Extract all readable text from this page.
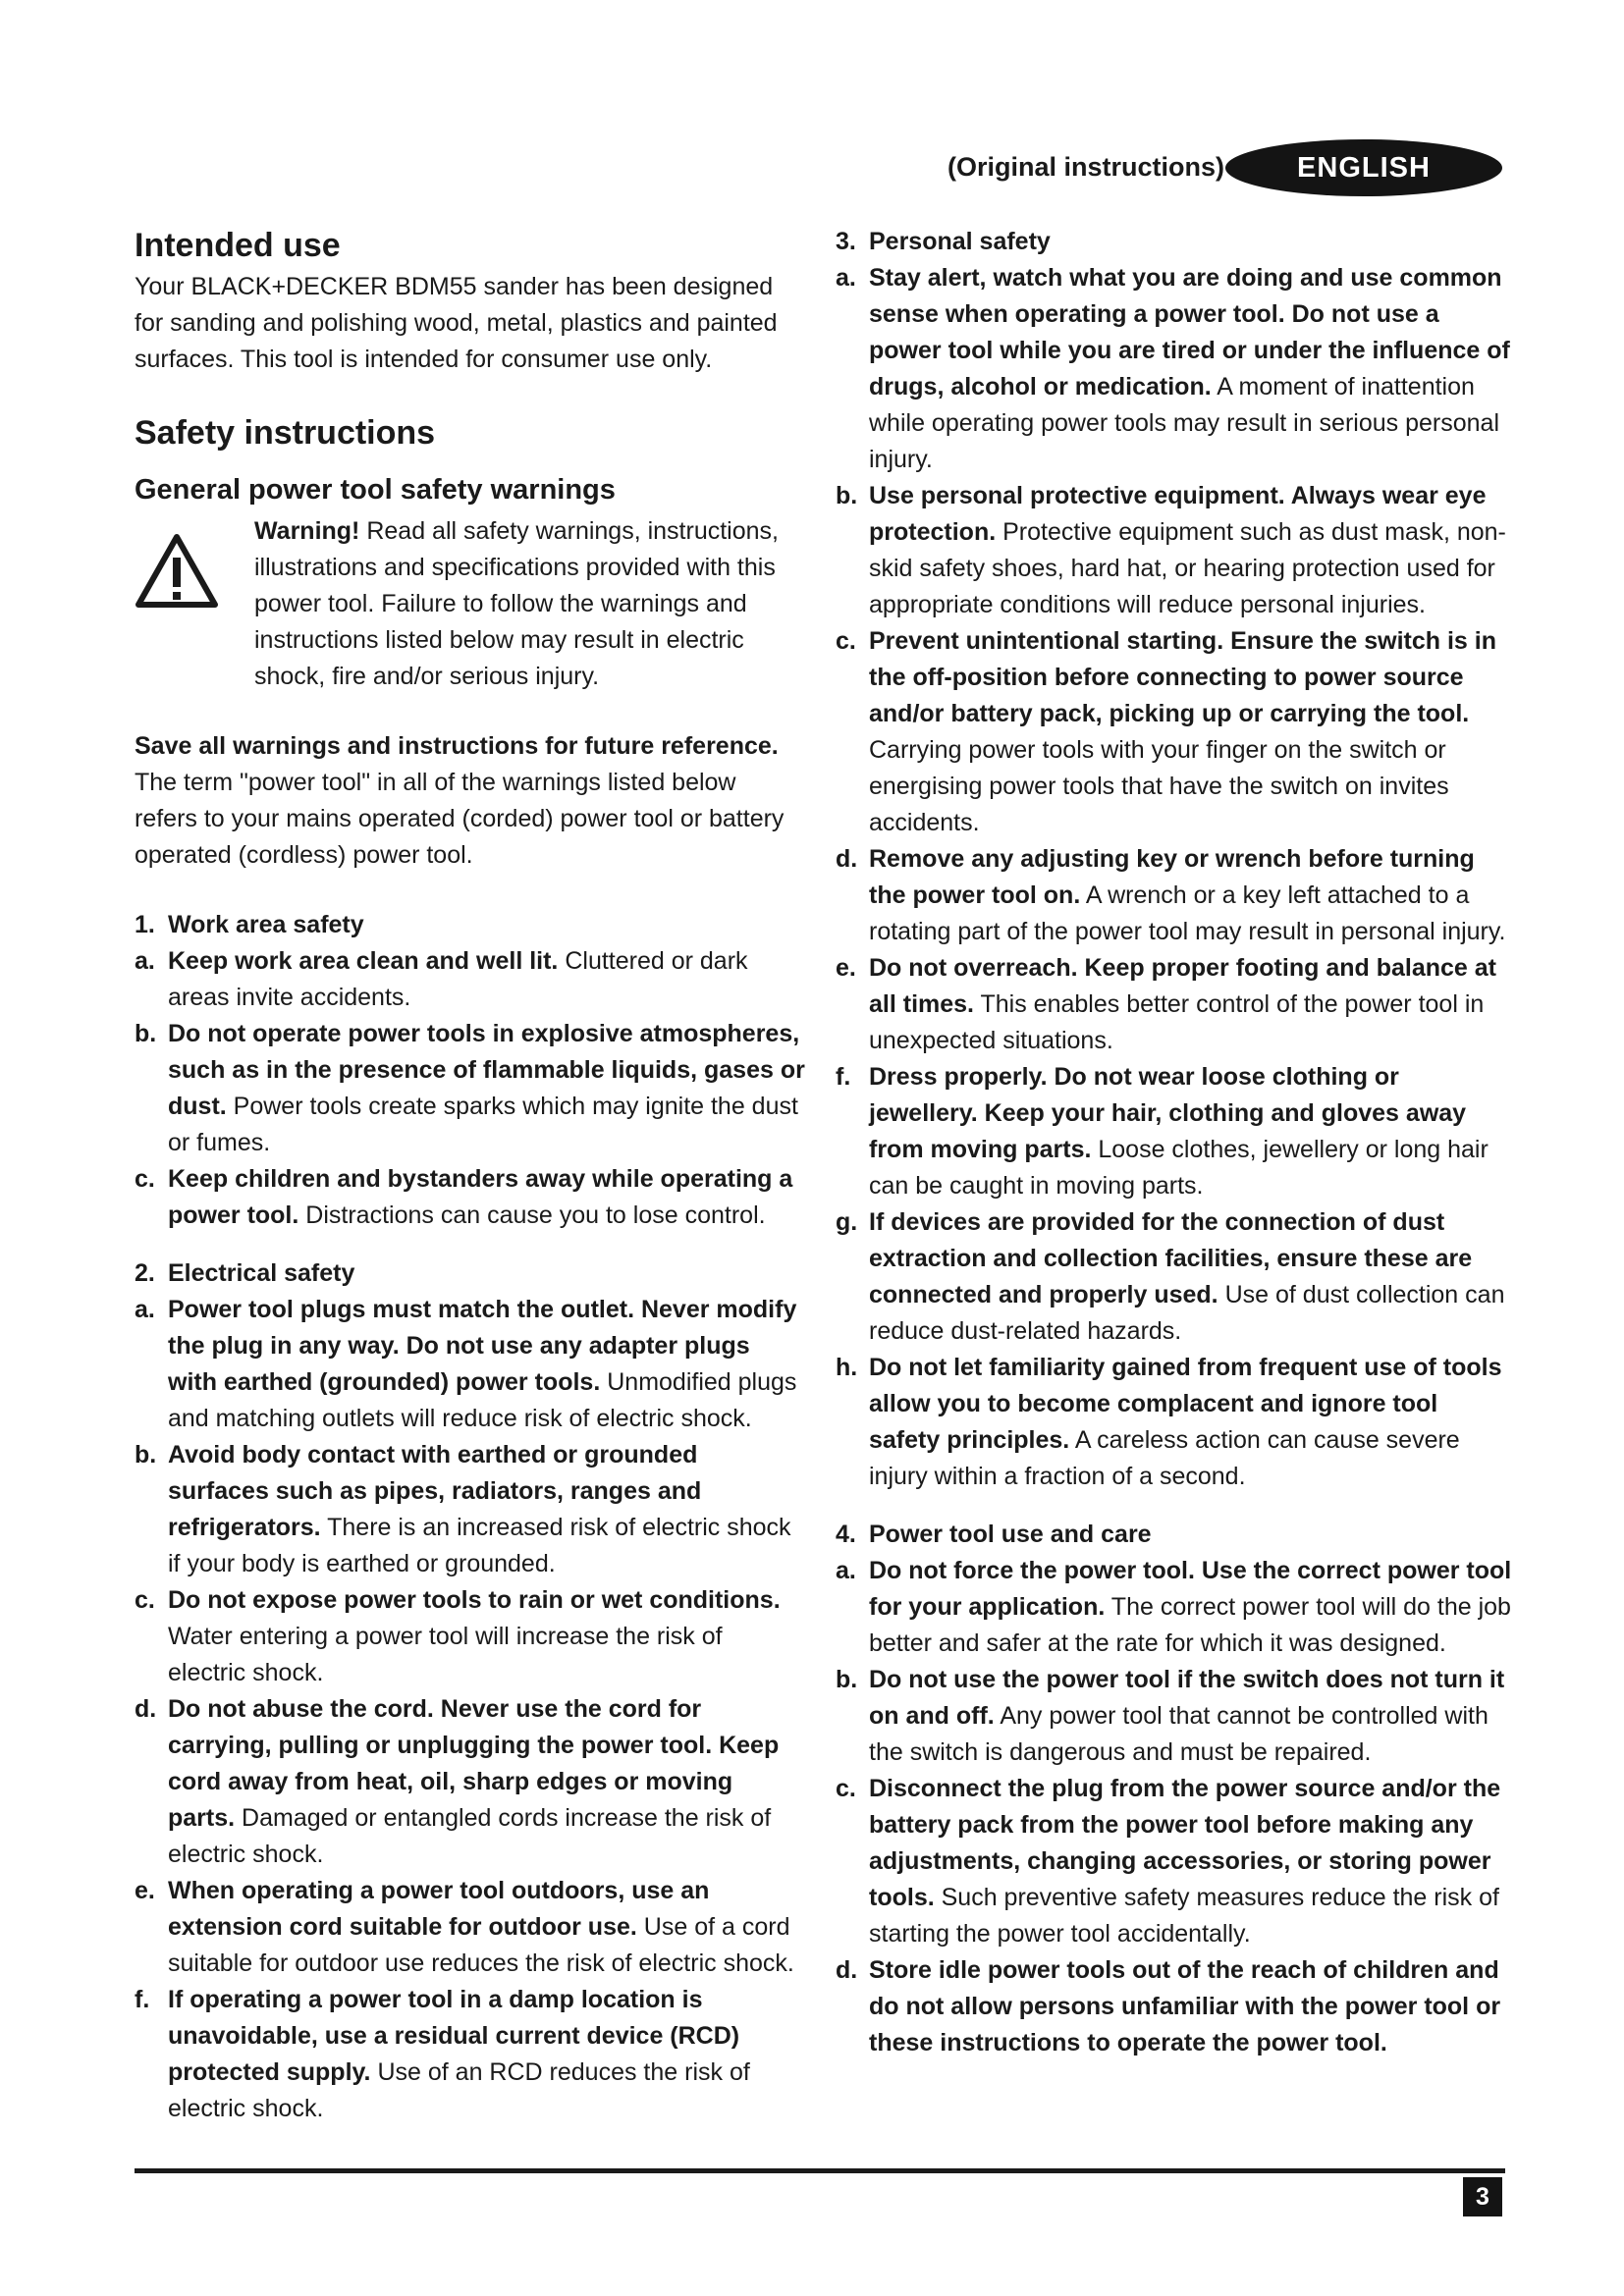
(Original instructions)	ENGLISH
Intended use

Your BLACK+DECKER BDM55 sander has been designed for sanding and polishing wood, metal, plastics and painted surfaces. This tool is intended for consumer use only.

Safety instructions
General power tool safety warnings
Warning! Read all safety warnings, instructions, illustrations and specifications provided with this power tool. Failure to follow the warnings and instructions listed below may result in electric shock, fire and/or serious injury.

Save all warnings and instructions for future reference.

The term "power tool" in all of the warnings listed below refers to your mains operated (corded) power tool or battery operated (cordless) power tool.

1. Work area safety
a. Keep work area clean and well lit. Cluttered or dark areas invite accidents.
b. Do not operate power tools in explosive atmospheres, such as in the presence of flammable liquids, gases or dust. Power tools create sparks which may ignite the dust or fumes.
c. Keep children and bystanders away while operating a power tool. Distractions can cause you to lose control.
2. Electrical safety
a. Power tool plugs must match the outlet. Never modify the plug in any way. Do not use any adapter plugs with earthed (grounded) power tools. Unmodified plugs and matching outlets will reduce risk of electric shock.
b. Avoid body contact with earthed or grounded surfaces such as pipes, radiators, ranges and refrigerators. There is an increased risk of electric shock if your body is earthed or grounded.
c. Do not expose power tools to rain or wet conditions. Water entering a power tool will increase the risk of electric shock.
d. Do not abuse the cord. Never use the cord for carrying, pulling or unplugging the power tool. Keep cord away from heat, oil, sharp edges or moving parts. Damaged or entangled cords increase the risk of electric shock.
e. When operating a power tool outdoors, use an extension cord suitable for outdoor use. Use of a cord suitable for outdoor use reduces the risk of electric shock.
f. If operating a power tool in a damp location is unavoidable, use a residual current device (RCD) protected supply. Use of an RCD reduces the risk of electric shock.
3. Personal safety
a. Stay alert, watch what you are doing and use common sense when operating a power tool. Do not use a power tool while you are tired or under the influence of drugs, alcohol or medication. A moment of inattention while operating power tools may result in serious personal injury.
b. Use personal protective equipment. Always wear eye protection. Protective equipment such as dust mask, non-skid safety shoes, hard hat, or hearing protection used for appropriate conditions will reduce personal injuries.
c. Prevent unintentional starting. Ensure the switch is in the off-position before connecting to power source and/or battery pack, picking up or carrying the tool. Carrying power tools with your finger on the switch or energising power tools that have the switch on invites accidents.
d. Remove any adjusting key or wrench before turning the power tool on. A wrench or a key left attached to a rotating part of the power tool may result in personal injury.
e. Do not overreach. Keep proper footing and balance at all times. This enables better control of the power tool in unexpected situations.
f. Dress properly. Do not wear loose clothing or jewellery. Keep your hair, clothing and gloves away from moving parts. Loose clothes, jewellery or long hair can be caught in moving parts.
g. If devices are provided for the connection of dust extraction and collection facilities, ensure these are connected and properly used. Use of dust collection can reduce dust-related hazards.
h. Do not let familiarity gained from frequent use of tools allow you to become complacent and ignore tool safety principles. A careless action can cause severe injury within a fraction of a second.
4. Power tool use and care
a. Do not force the power tool. Use the correct power tool for your application. The correct power tool will do the job better and safer at the rate for which it was designed.
b. Do not use the power tool if the switch does not turn it on and off. Any power tool that cannot be controlled with the switch is dangerous and must be repaired.
c. Disconnect the plug from the power source and/or the battery pack from the power tool before making any adjustments, changing accessories, or storing power tools. Such preventive safety measures reduce the risk of starting the power tool accidentally.
d. Store idle power tools out of the reach of children and do not allow persons unfamiliar with the power tool or these instructions to operate the power tool.
3
